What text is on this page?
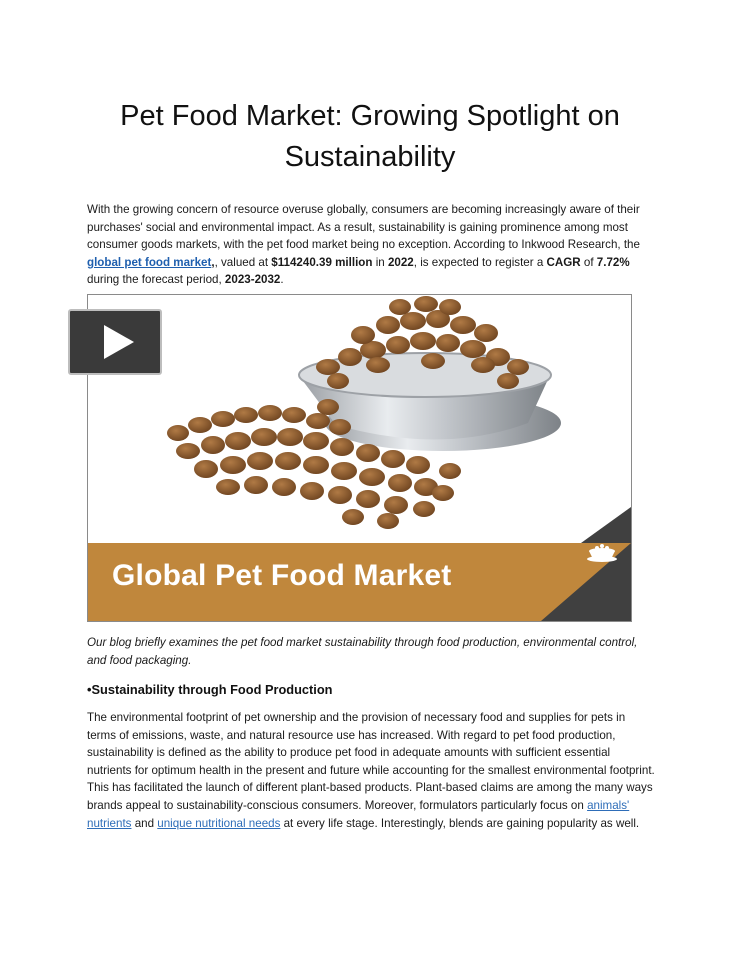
Pet Food Market: Growing Spotlight on Sustainability

With the growing concern of resource overuse globally, consumers are becoming increasingly aware of their purchases' social and environmental impact. As a result, sustainability is gaining prominence among most consumer goods markets, with the pet food market being no exception. According to Inkwood Research, the global pet food market,, valued at $114240.39 million in 2022, is expected to register a CAGR of 7.72% during the forecast period, 2023-2032.

Global Pet Food Market

Our blog briefly examines the pet food market sustainability through food production, environmental control, and food packaging.

•Sustainability through Food Production

The environmental footprint of pet ownership and the provision of necessary food and supplies for pets in terms of emissions, waste, and natural resource use has increased. With regard to pet food production, sustainability is defined as the ability to produce pet food in adequate amounts with sufficient essential nutrients for optimum health in the present and future while accounting for the smallest environmental footprint. This has facilitated the launch of different plant-based products. Plant-based claims are among the many ways brands appeal to sustainability-conscious consumers. Moreover, formulators particularly focus on animals' nutrients and unique nutritional needs at every life stage. Interestingly, blends are gaining popularity as well.
